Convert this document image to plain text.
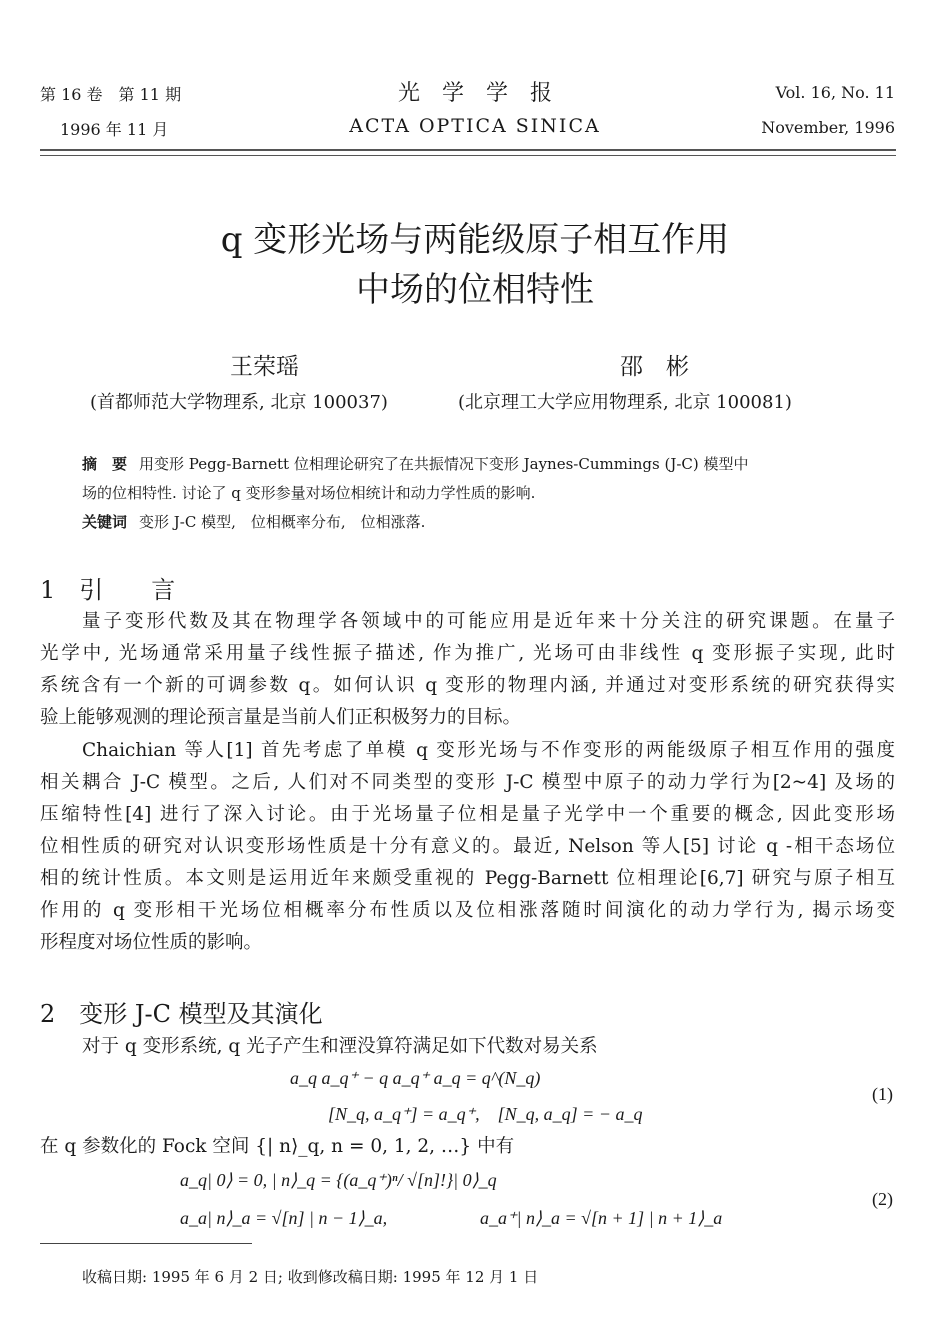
第 16 卷　第 11 期
1996 年 11 月
光　学　学　报
ACTA OPTICA SINICA
Vol. 16, No. 11
November, 1996
q 变形光场与两能级原子相互作用
中场的位相特性
王荣瑶
(首都师范大学物理系, 北京 100037)
邵　彬
(北京理工大学应用物理系, 北京 100081)
摘　要 用变形 Pegg-Barnett 位相理论研究了在共振情况下变形 Jaynes-Cummings (J-C) 模型中
场的位相特性. 讨论了 q 变形参量对场位相统计和动力学性质的影响.
关键词 变形 J-C 模型,　位相概率分布,　位相涨落.
1　引　　言
量子变形代数及其在物理学各领域中的可能应用是近年来十分关注的研究课题。在量子
光学中, 光场通常采用量子线性振子描述, 作为推广, 光场可由非线性 q 变形振子实现, 此时
系统含有一个新的可调参数 q。如何认识 q 变形的物理内涵, 并通过对变形系统的研究获得实
验上能够观测的理论预言量是当前人们正积极努力的目标。
Chaichian 等人[1] 首先考虑了单模 q 变形光场与不作变形的两能级原子相互作用的强度
相关耦合 J-C 模型。之后, 人们对不同类型的变形 J-C 模型中原子的动力学行为[2~4] 及场的
压缩特性[4] 进行了深入讨论。由于光场量子位相是量子光学中一个重要的概念, 因此变形场
位相性质的研究对认识变形场性质是十分有意义的。最近, Nelson 等人[5] 讨论 q -相干态场位
相的统计性质。本文则是运用近年来颇受重视的 Pegg-Barnett 位相理论[6,7] 研究与原子相互
作用的 q 变形相干光场位相概率分布性质以及位相涨落随时间演化的动力学行为, 揭示场变
形程度对场位性质的影响。
2　变形 J-C 模型及其演化
对于 q 变形系统, q 光子产生和湮没算符满足如下代数对易关系
a_q a_q⁺ − q a_q⁺ a_q = q^(N_q)
[N_q, a_q⁺] = a_q⁺,　[N_q, a_q] = − a_q
(1)
在 q 参数化的 Fock 空间 {| n⟩_q, n = 0, 1, 2, …} 中有
a_q| 0⟩ = 0, | n⟩_q = {(a_q⁺)ⁿ/ √[n]!}| 0⟩_q
a_a| n⟩_a = √[n] | n − 1⟩_a,	a_a⁺| n⟩_a = √[n + 1] | n + 1⟩_a
(2)
收稿日期: 1995 年 6 月 2 日; 收到修改稿日期: 1995 年 12 月 1 日
